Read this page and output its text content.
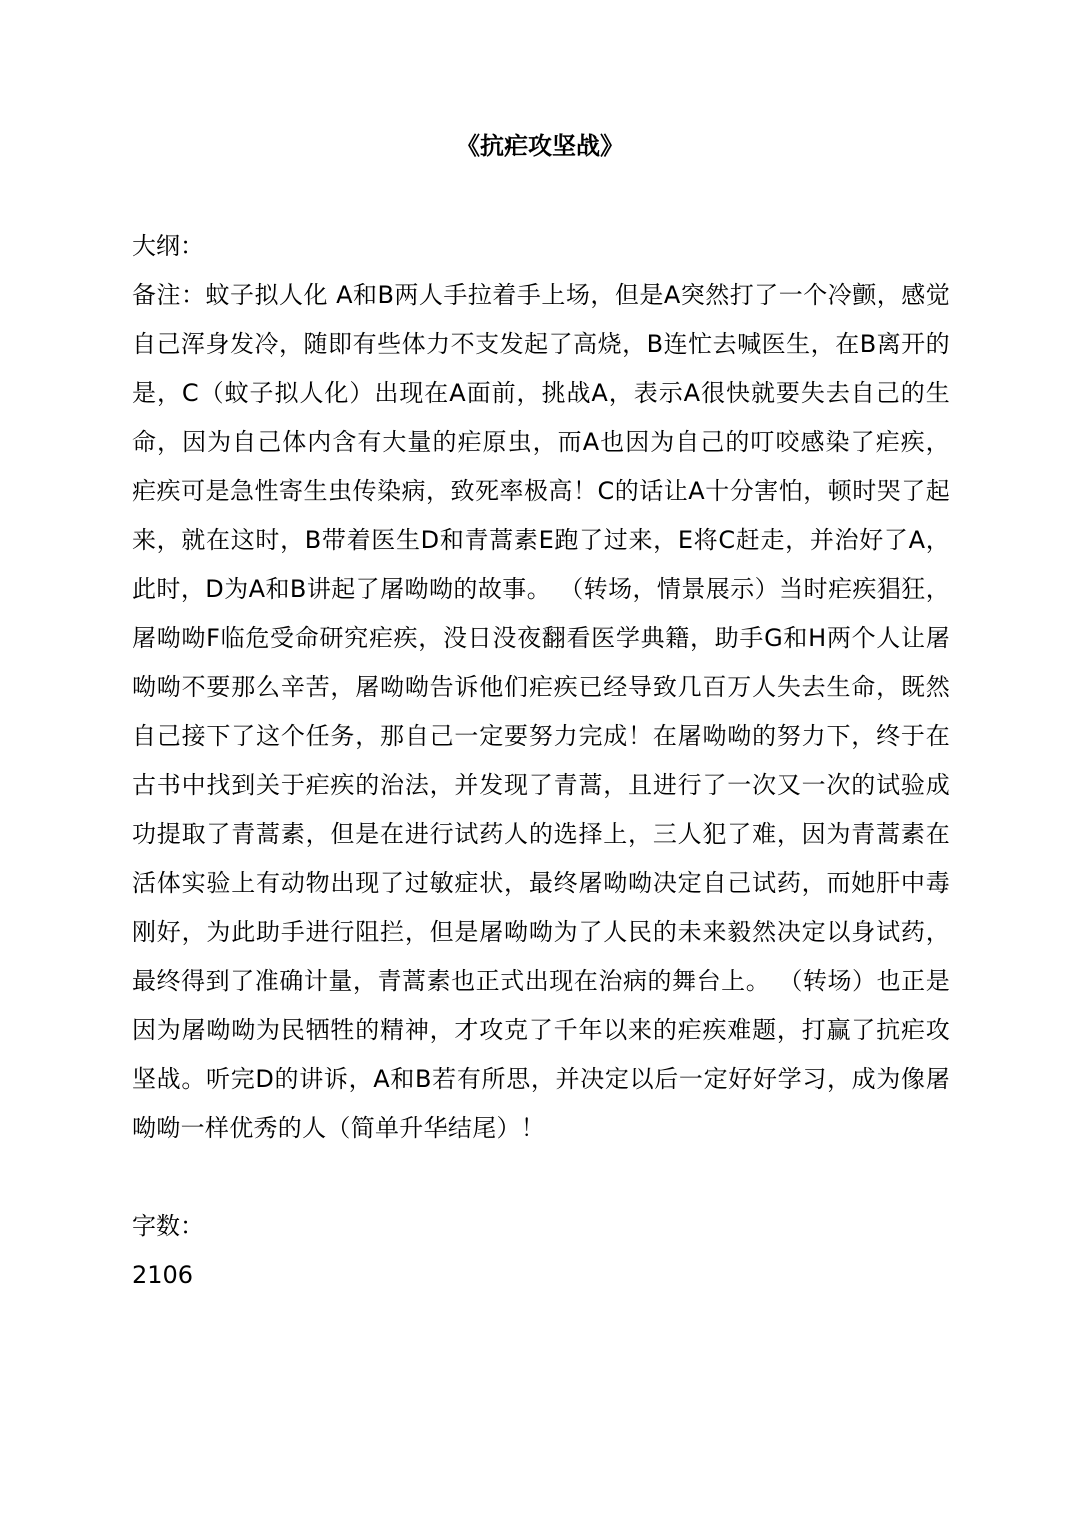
《抗疟攻坚战》

大纲：

备注：蚊子拟人化 A和B两人手拉着手上场，但是A突然打了一个冷颤，感觉自己浑身发冷，随即有些体力不支发起了高烧，B连忙去喊医生，在B离开的是，C（蚊子拟人化）出现在A面前，挑战A，表示A很快就要失去自己的生命，因为自己体内含有大量的疟原虫，而A也因为自己的叮咬感染了疟疾，疟疾可是急性寄生虫传染病，致死率极高！C的话让A十分害怕，顿时哭了起来，就在这时，B带着医生D和青蒿素E跑了过来，E将C赶走，并治好了A，此时，D为A和B讲起了屠呦呦的故事。 （转场，情景展示）当时疟疾猖狂，屠呦呦F临危受命研究疟疾，没日没夜翻看医学典籍，助手G和H两个人让屠呦呦不要那么辛苦，屠呦呦告诉他们疟疾已经导致几百万人失去生命，既然自己接下了这个任务，那自己一定要努力完成！在屠呦呦的努力下，终于在古书中找到关于疟疾的治法，并发现了青蒿，且进行了一次又一次的试验成功提取了青蒿素，但是在进行试药人的选择上，三人犯了难，因为青蒿素在活体实验上有动物出现了过敏症状，最终屠呦呦决定自己试药，而她肝中毒刚好，为此助手进行阻拦，但是屠呦呦为了人民的未来毅然决定以身试药，最终得到了准确计量，青蒿素也正式出现在治病的舞台上。 （转场）也正是因为屠呦呦为民牺牲的精神，才攻克了千年以来的疟疾难题，打赢了抗疟攻坚战。听完D的讲诉，A和B若有所思，并决定以后一定好好学习，成为像屠呦呦一样优秀的人（简单升华结尾）！

字数：

2106
